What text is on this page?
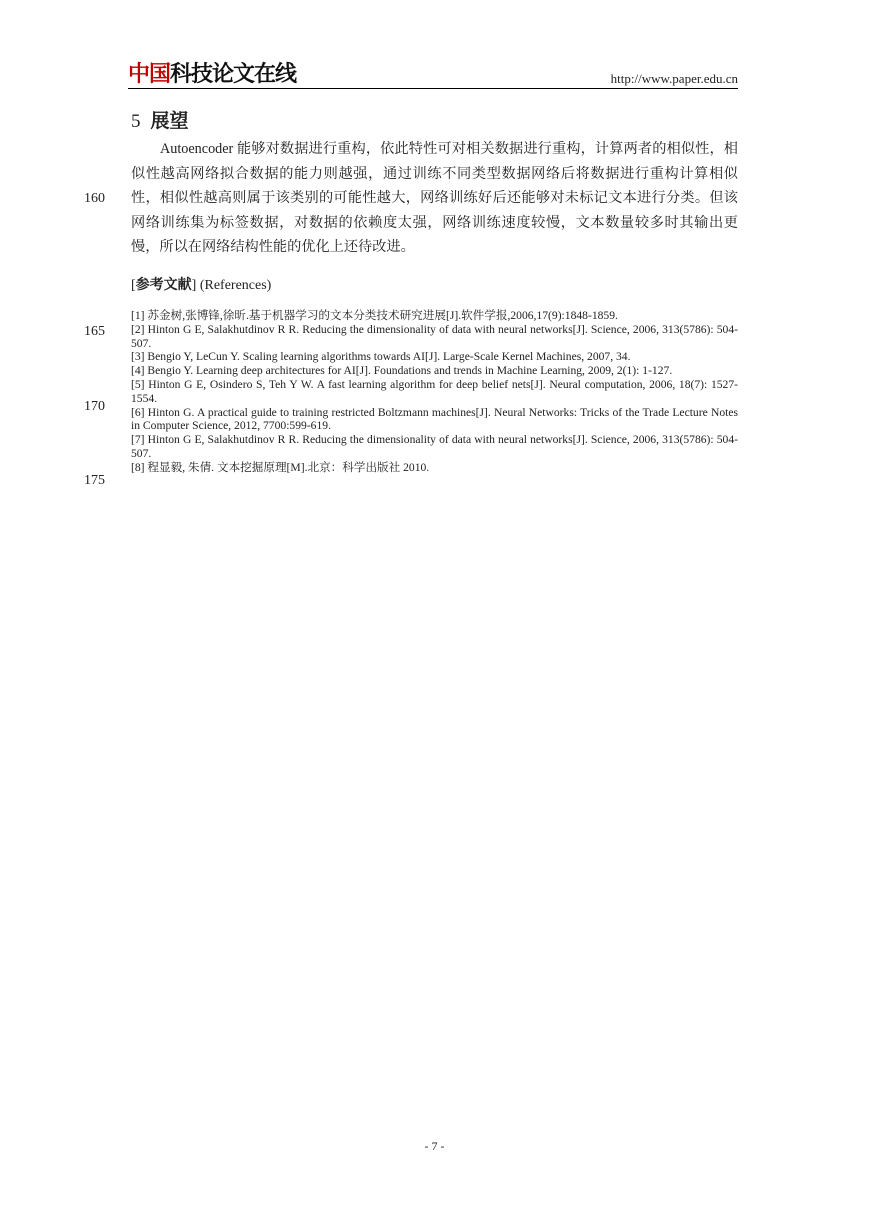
中国科技论文在线	http://www.paper.edu.cn
5 展望

Autoencoder 能够对数据进行重构，依此特性可对相关数据进行重构，计算两者的相似性，相似性越高网络拟合数据的能力则越强，通过训练不同类型数据网络后将数据进行重构计算相似性，相似性越高则属于该类别的可能性越大，网络训练好后还能够对未标记文本进行分类。但该网络训练集为标签数据，对数据的依赖度太强，网络训练速度较慢，文本数量较多时其输出更慢，所以在网络结构性能的优化上还待改进。

160
165
170
175
[参考文献] (References)

[1] 苏金树,张博锋,徐昕.基于机器学习的文本分类技术研究进展[J].软件学报,2006,17(9):1848-1859.

[2] Hinton G E, Salakhutdinov R R. Reducing the dimensionality of data with neural networks[J]. Science, 2006, 313(5786): 504-507.

[3] Bengio Y, LeCun Y. Scaling learning algorithms towards AI[J]. Large-Scale Kernel Machines, 2007, 34.

[4] Bengio Y. Learning deep architectures for AI[J]. Foundations and trends in Machine Learning, 2009, 2(1): 1-127.

[5] Hinton G E, Osindero S, Teh Y W. A fast learning algorithm for deep belief nets[J]. Neural computation, 2006, 18(7): 1527-1554.

[6] Hinton G. A practical guide to training restricted Boltzmann machines[J]. Neural Networks: Tricks of the Trade Lecture Notes in Computer Science, 2012, 7700:599-619.

[7] Hinton G E, Salakhutdinov R R. Reducing the dimensionality of data with neural networks[J]. Science, 2006, 313(5786): 504-507.

[8] 程显毅, 朱倩. 文本挖掘原理[M].北京：科学出版社 2010.

- 7 -
